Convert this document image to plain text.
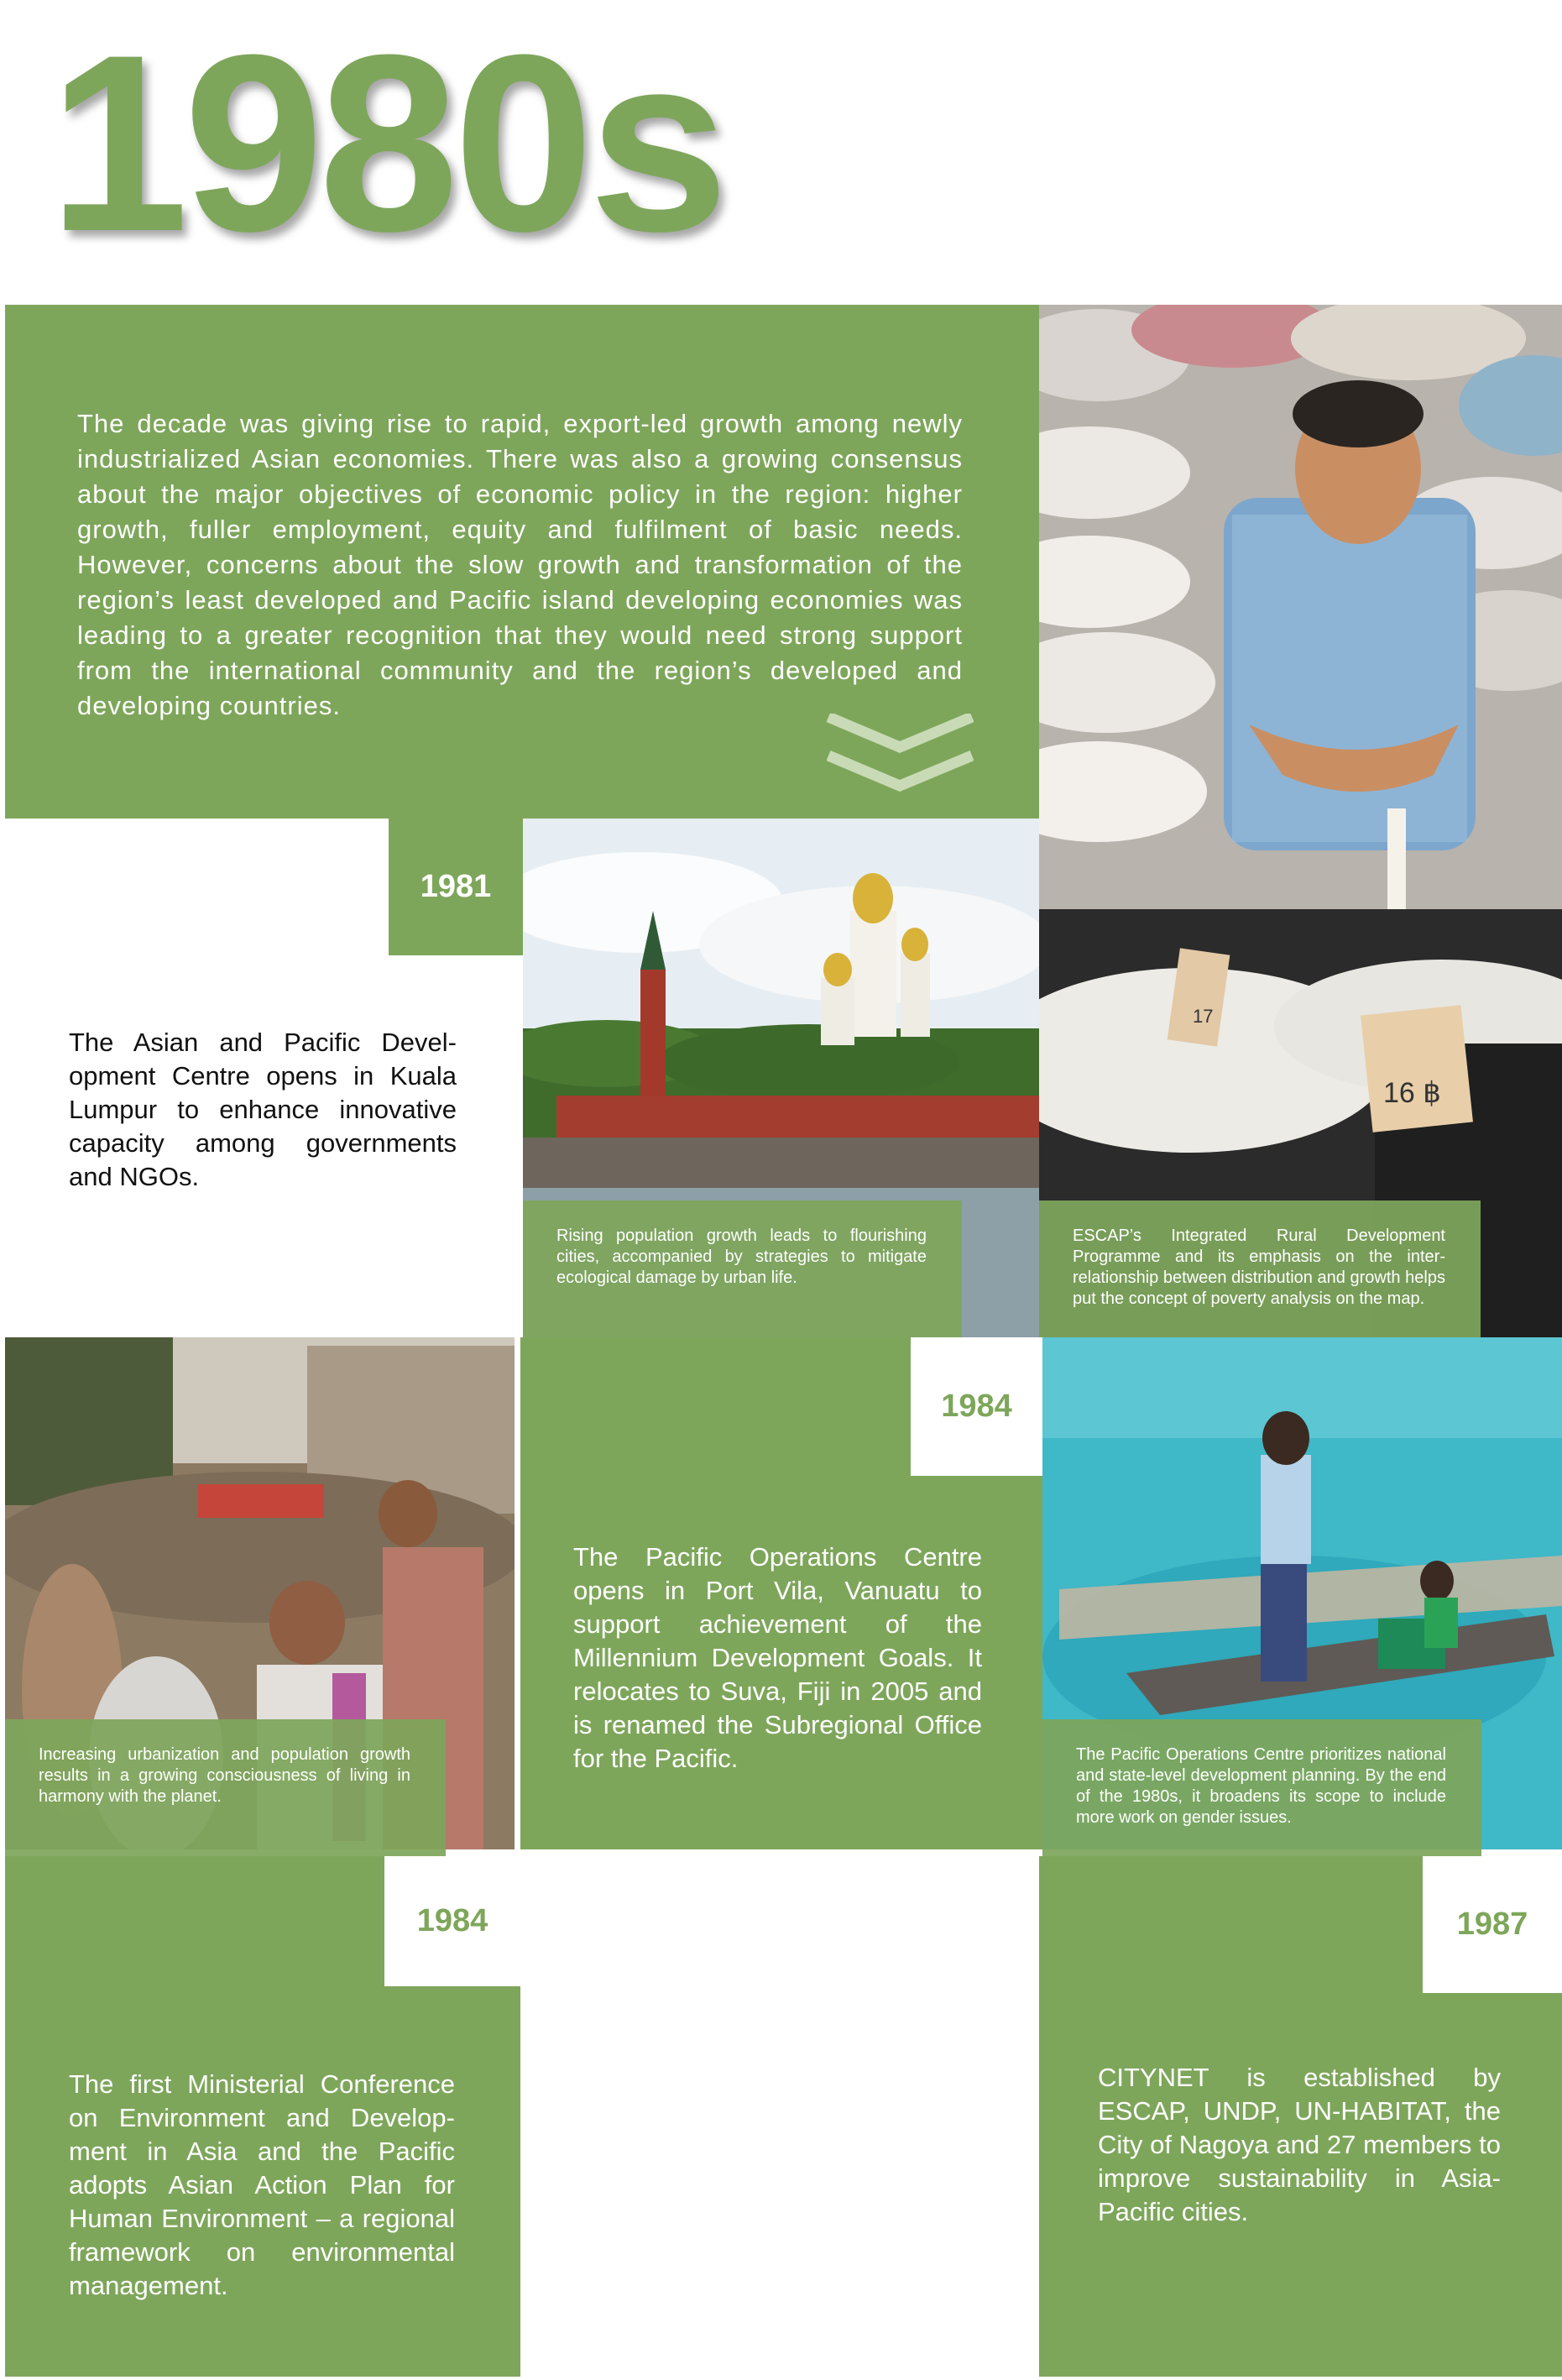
1980s
The decade was giving rise to rapid, export-led growth among newly industrialized Asian economies. There was also a growing consensus about the major objectives of economic policy in the region: higher growth, fuller employment, equity and fulfilment of basic needs. However, concerns about the slow growth and transformation of the region’s least developed and Pacific island developing economies was leading to a greater recognition that they would need strong support from the international community and the region’s developed and developing countries.
17
16 ฿
ESCAP’s Integrated Rural Development Programme and its emphasis on the inter-relationship between distribution and growth helps put the concept of poverty analysis on the map.
1981
The Asian and Pacific Devel-opment Centre opens in Kuala Lumpur to enhance innovative capacity among governments and NGOs.
Rising population growth leads to flourishing cities, accompanied by strategies to mitigate ecological damage by urban life.
Increasing urbanization and population growth results in a growing consciousness of living in harmony with the planet.
1984
The Pacific Operations Centre opens in Port Vila, Vanuatu to support achievement of the Millennium Development Goals. It relocates to Suva, Fiji in 2005 and is renamed the Subregional Office for the Pacific.	The Pacific Operations Centre prioritizes national and state-level development planning. By the end of the 1980s, it broadens its scope to include more work on gender issues.
1984
The first Ministerial Conference on Environment and Develop-ment in Asia and the Pacific adopts Asian Action Plan for Human Environment – a regional framework on environmental management.
1987
CITYNET is established by ESCAP, UNDP, UN-HABITAT, the City of Nagoya and 27 members to improve sustainability in Asia-Pacific cities.
